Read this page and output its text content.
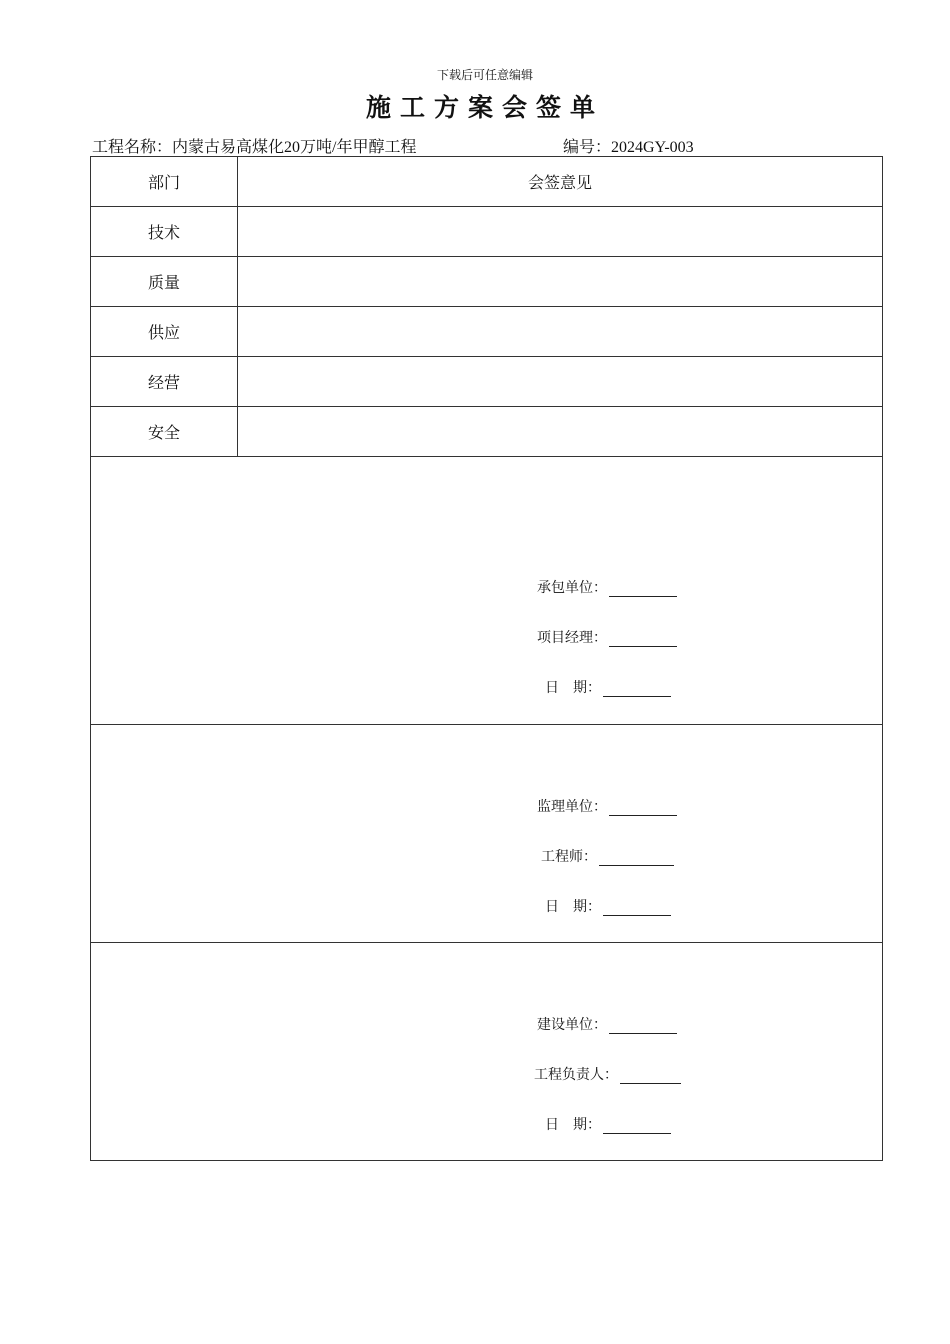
下载后可任意编辑
施工方案会签单
工程名称：内蒙古易高煤化20万吨/年甲醇工程	编号：2024GY-003
部门	会签意见
技术	
质量	
供应	
经营	
安全	

承包单位：
项目经理：
日　期：	

监理单位：
工程师：
日　期：	

建设单位：
工程负责人：
日　期：	
